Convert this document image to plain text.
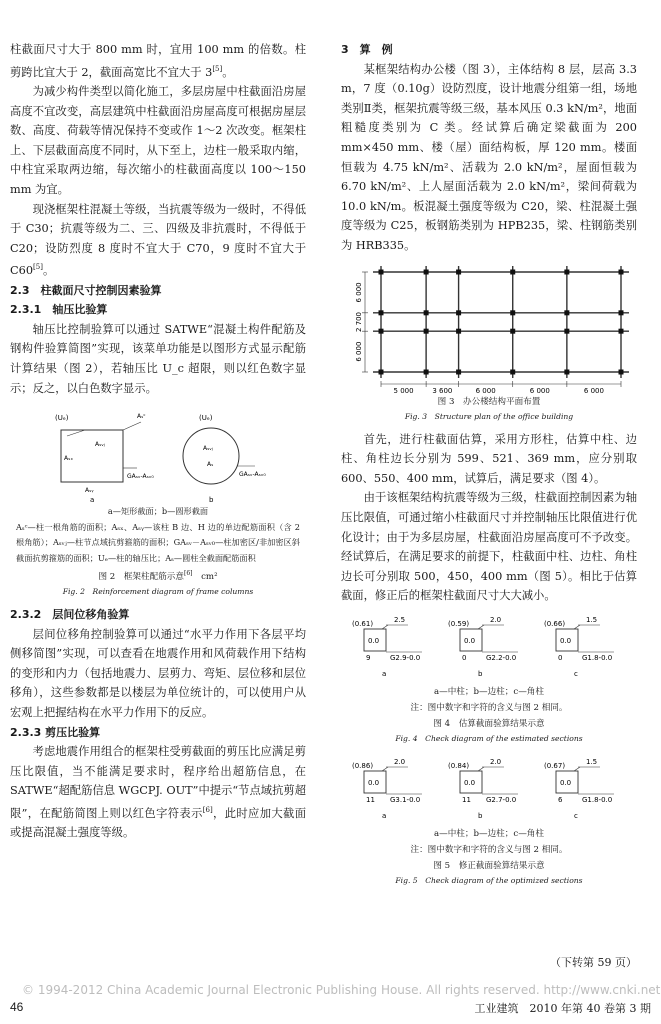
柱截面尺寸大于 800 mm 时，宜用 100 mm 的倍数。柱剪跨比宜大于 2，截面高宽比不宜大于 3[5]。

为减少构件类型以简化施工，多层房屋中柱截面沿房屋高度不宜改变，高层建筑中柱截面沿房屋高度可根据房屋层数、高度、荷载等情况保持不变或作 1～2 次改变。框架柱上、下层截面高度不同时，从下至上，边柱一般采取内缩，中柱宜采取两边缩，每次缩小的柱截面高度以 100～150 mm 为宜。

现浇框架柱混凝土等级，当抗震等级为一级时，不得低于 C30；抗震等级为二、三、四级及非抗震时，不得低于 C20；设防烈度 8 度时不宜大于 C70，9 度时不宜大于 C60[5]。

2.3　柱截面尺寸控制因素验算

2.3.1　轴压比验算

轴压比控制验算可以通过 SATWE“混凝土构件配筋及钢构件验算简图”实现，该菜单功能是以图形方式显示配筋计算结果（图 2），若轴压比 U_c 超限，则以红色数字显示；反之，以白色数字显示。

(Uₑ)	Aₛᶜ
Aₛₓ
Aₛᵧ
Aₛᵥⱼ
GAₛᵥ-Aₛᵥ₀
a
(Uₑ)
Aₛᵥⱼ
Aₛ
GAₛᵥ-Aₛᵥ₀
b
a—矩形截面；b—圆形截面
Aₛᶜ—柱一根角筋的面积；Aₛₓ、Aₛᵧ—该柱 B 边、H 边的单边配筋面积（含 2 根角筋）；Aₛᵥⱼ—柱节点域抗剪箍筋的面积；GAₛᵥ－Aₛᵥ₀—柱加密区/非加密区斜截面抗剪箍筋的面积；Uₑ—柱的轴压比；Aₛ—圆柱全截面配筋面积
图 2　框架柱配筋示意[6]　 cm²
Fig. 2　Reinforcement diagram of frame columns

2.3.2　层间位移角验算

层间位移角控制验算可以通过“水平力作用下各层平均侧移简图”实现，可以查看在地震作用和风荷载作用下结构的变形和内力（包括地震力、层剪力、弯矩、层位移和层位移角），这些参数都是以楼层为单位统计的，可以使用户从宏观上把握结构在水平力作用下的反应。

2.3.3 剪压比验算

考虑地震作用组合的框架柱受剪截面的剪压比应满足剪压比限值，当不能满足要求时，程序给出超筋信息，在 SATWE“超配筋信息 WGCPJ. OUT”中提示“节点域抗剪超限”，在配筋简图上则以红色字符表示[6]，此时应加大截面或提高混凝土强度等级。

3　算　例

某框架结构办公楼（图 3），主体结构 8 层，层高 3.3 m，7 度（0.10g）设防烈度，设计地震分组第一组，场地类别Ⅱ类，框架抗震等级三级，基本风压 0.3 kN/m²，地面粗糙度类别为 C 类。经试算后确定梁截面为 200 mm×450 mm、楼（屋）面结构板，厚 120 mm。楼面恒载为 4.75 kN/m²、活载为 2.0 kN/m²，屋面恒载为 6.70 kN/m²、上人屋面活载为 2.0 kN/m²，梁间荷载为 10.0 kN/m。板混凝土强度等级为 C20，梁、柱混凝土强度等级为 C25，板钢筋类别为 HPB235，梁、柱钢筋类别为 HRB335。

5 000	3 600	6 000	6 000	6 000
6 000
2 700
6 000
图 3　办公楼结构平面布置
Fig. 3　Structure plan of the office building

首先，进行柱截面估算，采用方形柱，估算中柱、边柱、角柱边长分别为 599、521、369 mm，应分别取 600、550、400 mm，试算后，满足要求（图 4）。

由于该框架结构抗震等级为三级，柱截面控制因素为轴压比限值，可通过缩小柱截面尺寸并控制轴压比限值进行优化设计；由于为多层房屋，柱截面沿房屋高度可不予改变。经试算后，在满足要求的前提下，柱截面中柱、边柱、角柱边长可分别取 500，450，400 mm（图 5）。相比于估算截面，修正后的框架柱截面尺寸大大减小。

(0.61)	2.5
0.0
9	G2.9-0.0
a
(0.59)	2.0
0.0
0	G2.2-0.0
b
(0.66)	1.5
0.0
0	G1.8-0.0
c
a—中柱；b—边柱；c—角柱
注：图中数字和字符的含义与图 2 相同。
图 4　估算截面验算结果示意
Fig. 4　Check diagram of the estimated sections
(0.86)	2.0
0.0
11 G3.1-0.0
a
(0.84)	2.0
0.0
11 G2.7-0.0
b
(0.67)	1.5
0.0
6	G1.8-0.0
c
a—中柱；b—边柱；c—角柱
注：图中数字和字符的含义与图 2 相同。
图 5　修正截面验算结果示意
Fig. 5　Check diagram of the optimized sections
（下转第 59 页）
© 1994-2012 China Academic Journal Electronic Publishing House. All rights reserved. http://www.cnki.net
46	工业建筑　2010 年第 40 卷第 3 期
